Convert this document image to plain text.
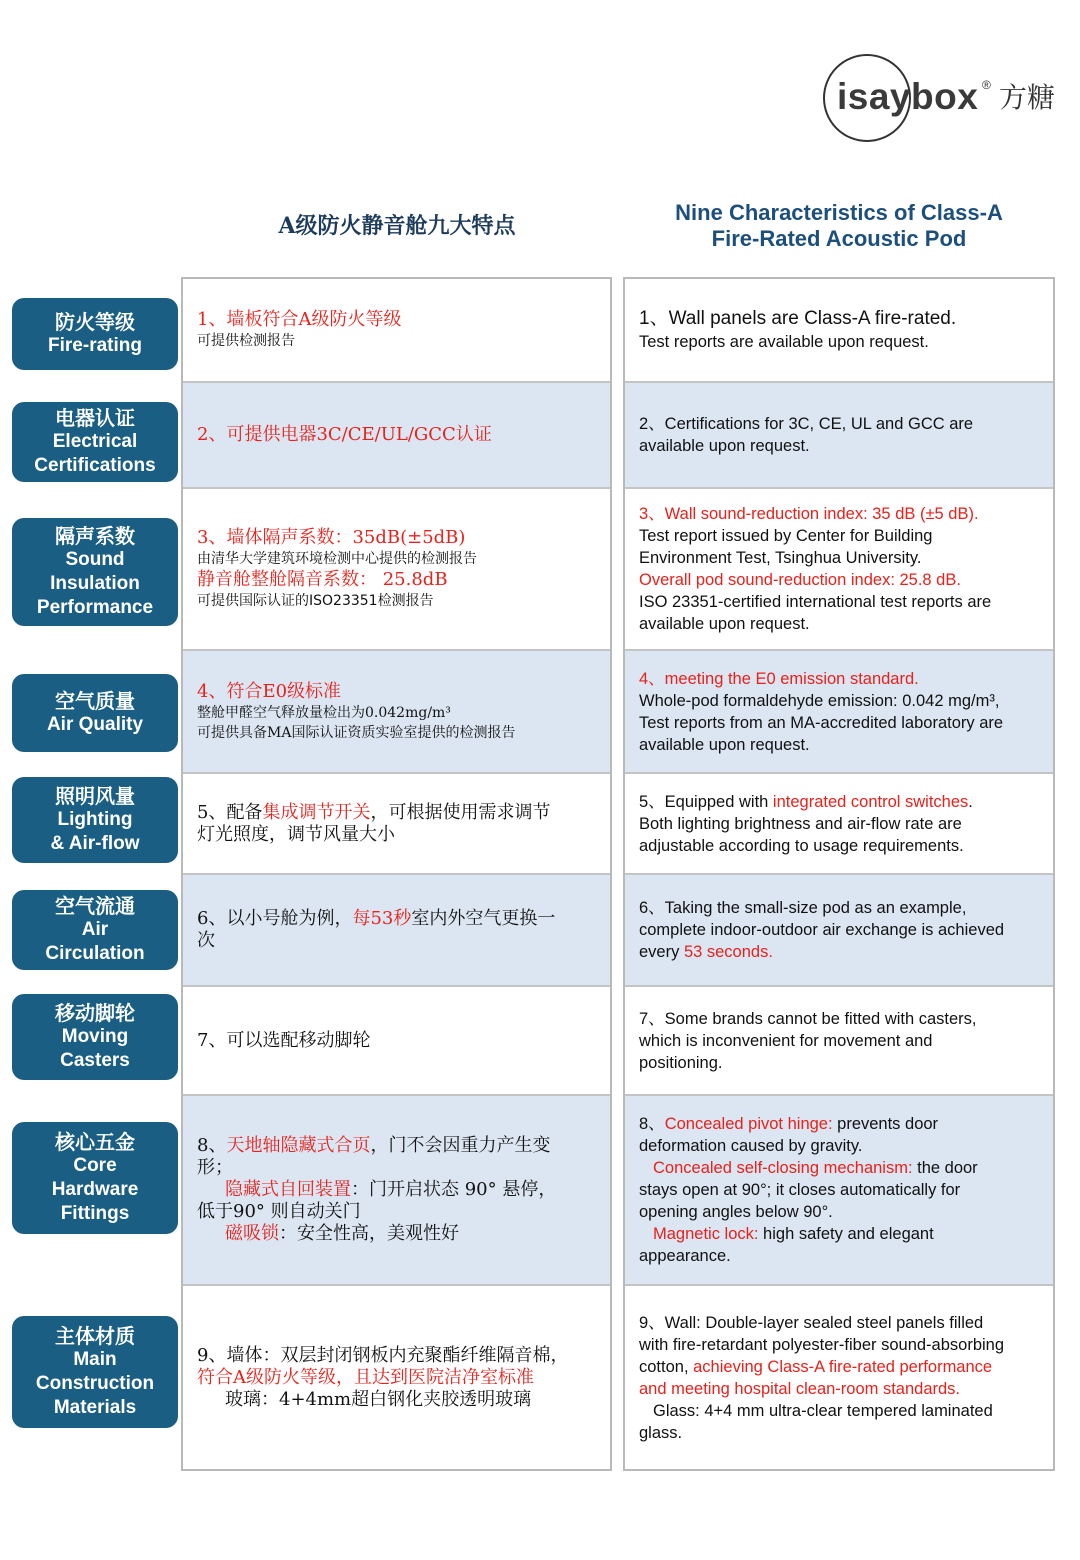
isaybox ® 方糖
A级防火静音舱九大特点
Nine Characteristics of Class-A
Fire-Rated Acoustic Pod
防火等级
Fire-rating
电器认证
Electrical
Certifications
隔声系数
Sound
Insulation
Performance
空气质量
Air Quality
照明风量
Lighting
& Air-flow
空气流通
Air
Circulation
移动脚轮
Moving
Casters
核心五金
Core
Hardware
Fittings
主体材质
Main
Construction
Materials
1、墙板符合A级防火等级
可提供检测报告
2、可提供电器3C/CE/UL/GCC认证
3、墙体隔声系数：35dB(±5dB)
由清华大学建筑环境检测中心提供的检测报告
静音舱整舱隔音系数： 25.8dB
可提供国际认证的ISO23351检测报告
4、符合E0级标准
整舱甲醛空气释放量检出为0.042mg/m³
可提供具备MA国际认证资质实验室提供的检测报告
5、配备集成调节开关，可根据使用需求调节
灯光照度，调节风量大小
6、以小号舱为例，每53秒室内外空气更换一
次
7、可以选配移动脚轮
8、天地轴隐藏式合页，门不会因重力产生变
形；
隐藏式自回装置：门开启状态 90° 悬停，
低于90° 则自动关门
磁吸锁：安全性高，美观性好
9、墙体：双层封闭钢板内充聚酯纤维隔音棉，
符合A级防火等级，且达到医院洁净室标准
玻璃：4+4mm超白钢化夹胶透明玻璃
1、Wall panels are Class-A fire-rated.
Test reports are available upon request.
2、Certifications for 3C, CE, UL and GCC are
available upon request.
3、Wall sound-reduction index: 35 dB (±5 dB).
Test report issued by Center for Building
Environment Test, Tsinghua University.
Overall pod sound-reduction index: 25.8 dB.
ISO 23351-certified international test reports are
available upon request.
4、meeting the E0 emission standard.
Whole-pod formaldehyde emission: 0.042 mg/m³,
Test reports from an MA-accredited laboratory are
available upon request.
5、Equipped with integrated control switches.
Both lighting brightness and air-flow rate are
adjustable according to usage requirements.
6、Taking the small-size pod as an example,
complete indoor-outdoor air exchange is achieved
every 53 seconds.
7、Some brands cannot be fitted with casters,
which is inconvenient for movement and
positioning.
8、Concealed pivot hinge: prevents door
deformation caused by gravity.
Concealed self-closing mechanism: the door
stays open at 90°; it closes automatically for
opening angles below 90°.
Magnetic lock: high safety and elegant
appearance.
9、Wall: Double-layer sealed steel panels filled
with fire-retardant polyester-fiber sound-absorbing
cotton, achieving Class-A fire-rated performance
and meeting hospital clean-room standards.
Glass: 4+4 mm ultra-clear tempered laminated
glass.
